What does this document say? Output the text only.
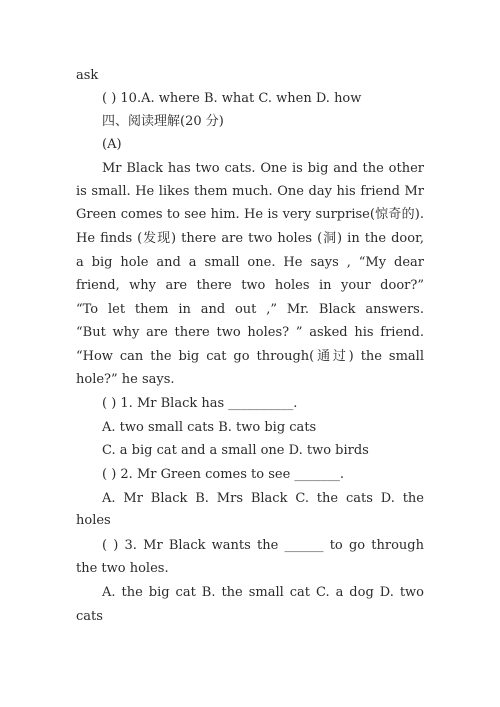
ask
( ) 10.A. where B. what C. when D. how
四、阅读理解(20 分)
(A)
Mr Black has two cats. One is big and the other
is small. He likes them much. One day his friend Mr
Green comes to see him. He is very surprise(惊奇的).
He finds (发现) there are two holes (洞) in the door,
a big hole and a small one. He says , “My dear
friend, why are there two holes in your door?”
“To let them in and out ,” Mr. Black answers.
“But why are there two holes? ” asked his friend.
“How can the big cat go through(通过) the small
hole?” he says.
( ) 1. Mr Black has __________.
A. two small cats B. two big cats
C. a big cat and a small one D. two birds
( ) 2. Mr Green comes to see _______.
A. Mr Black B. Mrs Black C. the cats D. the
holes
( ) 3. Mr Black wants the ______ to go through
the two holes.
A. the big cat B. the small cat C. a dog D. two
cats
